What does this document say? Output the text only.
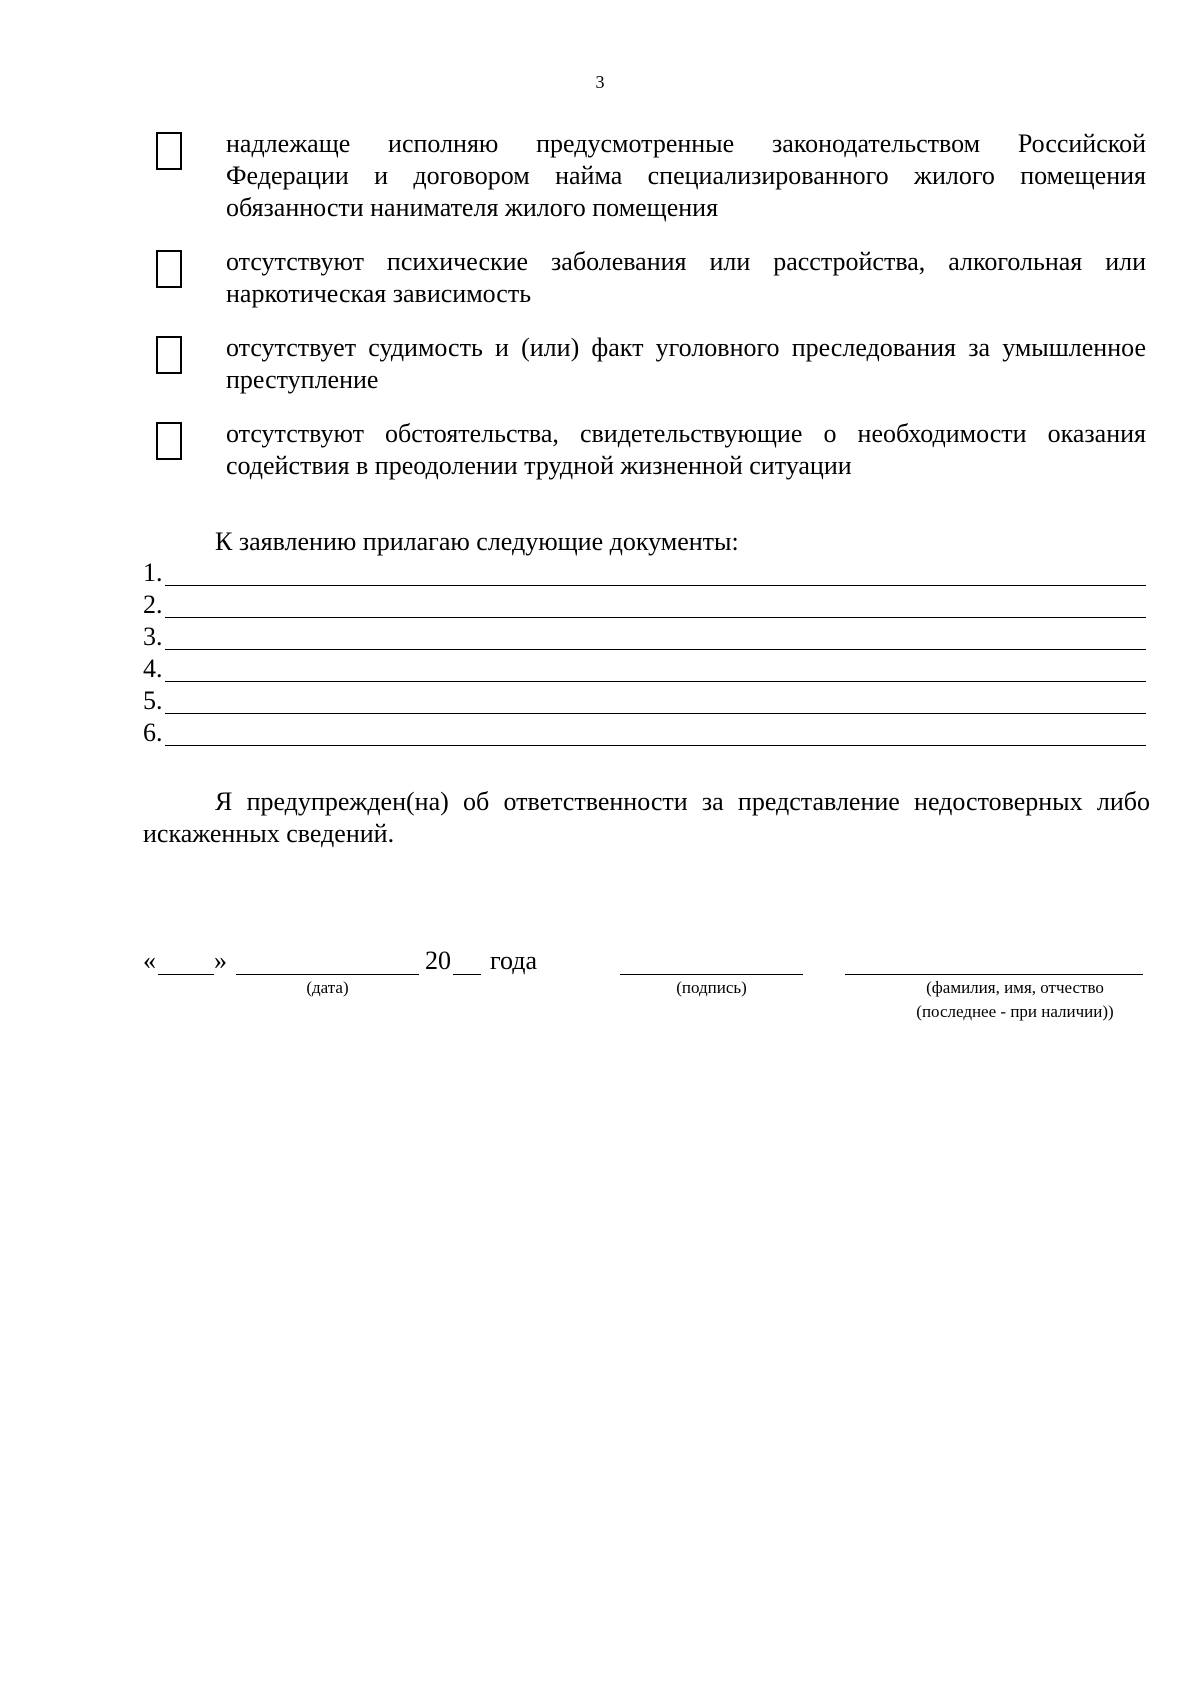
3
надлежаще исполняю предусмотренные законодательством Российской Федерации и договором найма специализированного жилого помещения обязанности нанимателя жилого помещения
отсутствуют психические заболевания или расстройства, алкогольная или наркотическая зависимость
отсутствует судимость и (или) факт уголовного преследования за умышленное преступление
отсутствуют обстоятельства, свидетельствующие о необходимости оказания содействия в преодолении трудной жизненной ситуации
К заявлению прилагаю следующие документы:
1.
2.
3.
4.
5.
6.
Я предупрежден(на) об ответственности за представление недостоверных либо искаженных сведений.
« »	20 года
(дата)	(подпись)	(фамилия, имя, отчество
(последнее - при наличии))
